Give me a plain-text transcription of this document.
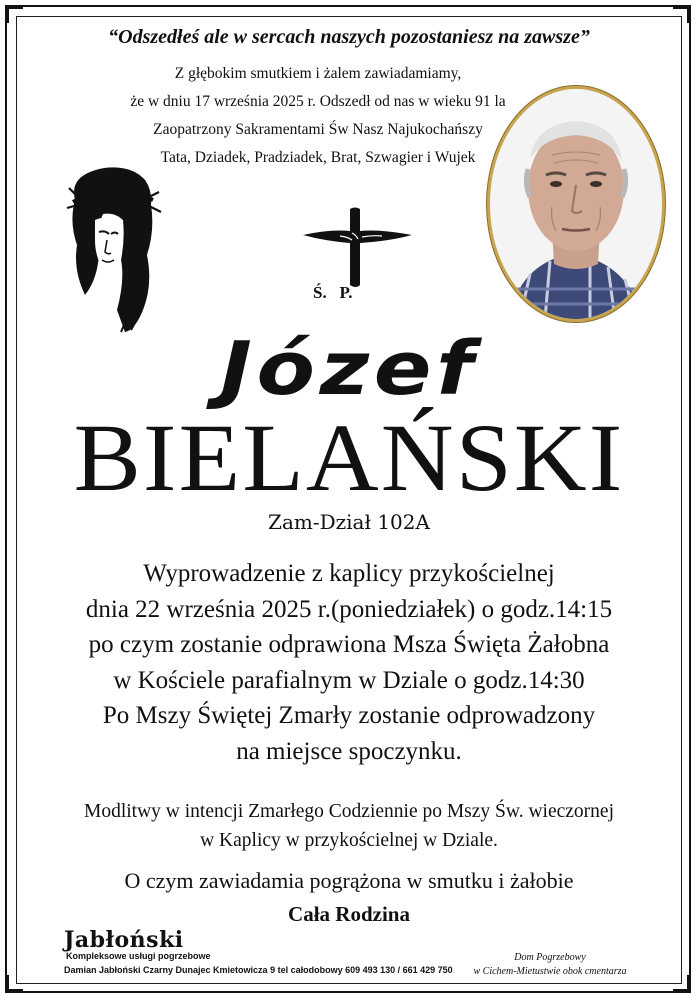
“Odszedłeś ale w sercach naszych pozostaniesz na zawsze”
Z głębokim smutkiem i żalem zawiadamiamy,
że w dniu 17 września 2025 r. Odszedł od nas w wieku 91 la
Zaopatrzony Sakramentami Św Nasz Najukochańszy
Tata, Dziadek, Pradziadek, Brat, Szwagier i Wujek
Ś.   P.
Józef
BIELAŃSKI
Zam-Dział 102A
Wyprowadzenie z kaplicy przykościelnej
dnia 22 września 2025 r.(poniedziałek) o godz.14:15
po czym zostanie odprawiona Msza Święta Żałobna
w Kościele parafialnym w Dziale o godz.14:30
Po Mszy Świętej Zmarły zostanie odprowadzony
na miejsce spoczynku.
Modlitwy w intencji Zmarłego Codziennie po Mszy Św. wieczornej
w Kaplicy w przykościelnej w Dziale.
O czym zawiadamia pogrążona w smutku i żałobie
Cała Rodzina
Jabłoński
Kompleksowe usługi pogrzebowe
Damian Jabłoński Czarny Dunajec Kmietowicza 9 tel całodobowy 609 493 130 / 661 429 750
Dom Pogrzebowy
w Cichem-Mietustwie obok cmentarza
